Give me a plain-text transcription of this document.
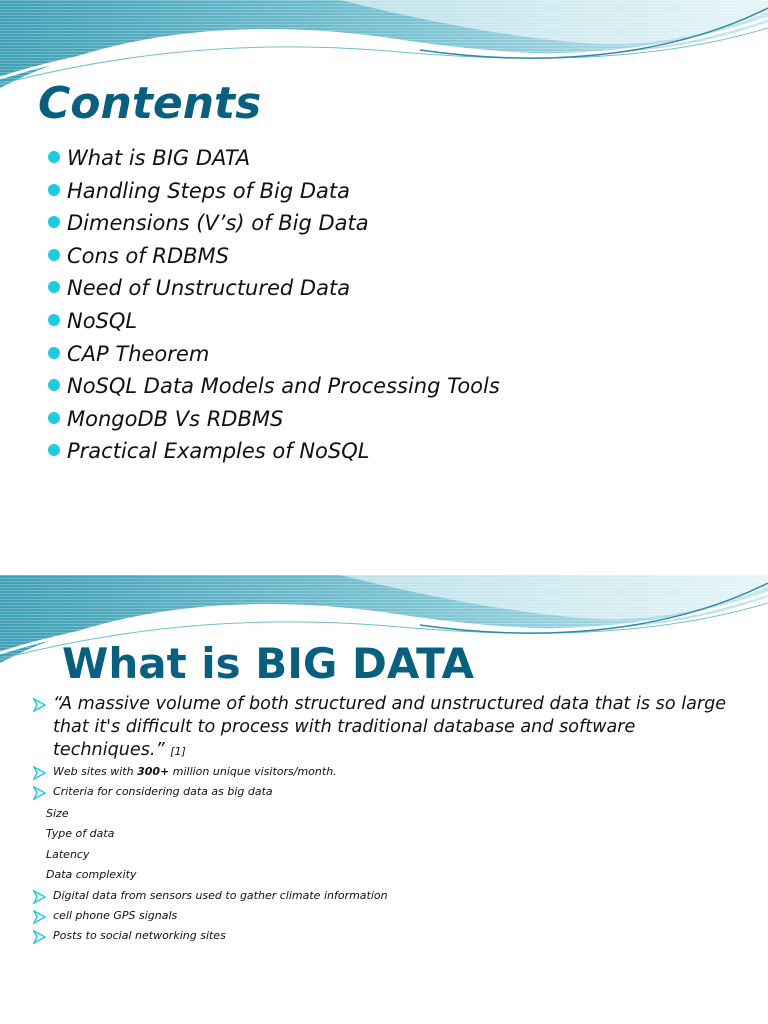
Contents
What is BIG DATA
Handling Steps of Big Data
Dimensions (V’s) of Big Data
Cons of RDBMS
Need of Unstructured Data
NoSQL
CAP Theorem
NoSQL Data Models and Processing Tools
MongoDB Vs RDBMS
Practical Examples of NoSQL
What is BIG DATA
“A massive volume of both structured and unstructured data that is so large that it's difficult to process with traditional database and software techniques.” [1]
Web sites with 300+ million unique visitors/month.
Criteria for considering data as big data
Size
Type of data
Latency
Data complexity
Digital data from sensors used to gather climate information
cell phone GPS signals
Posts to social networking sites
